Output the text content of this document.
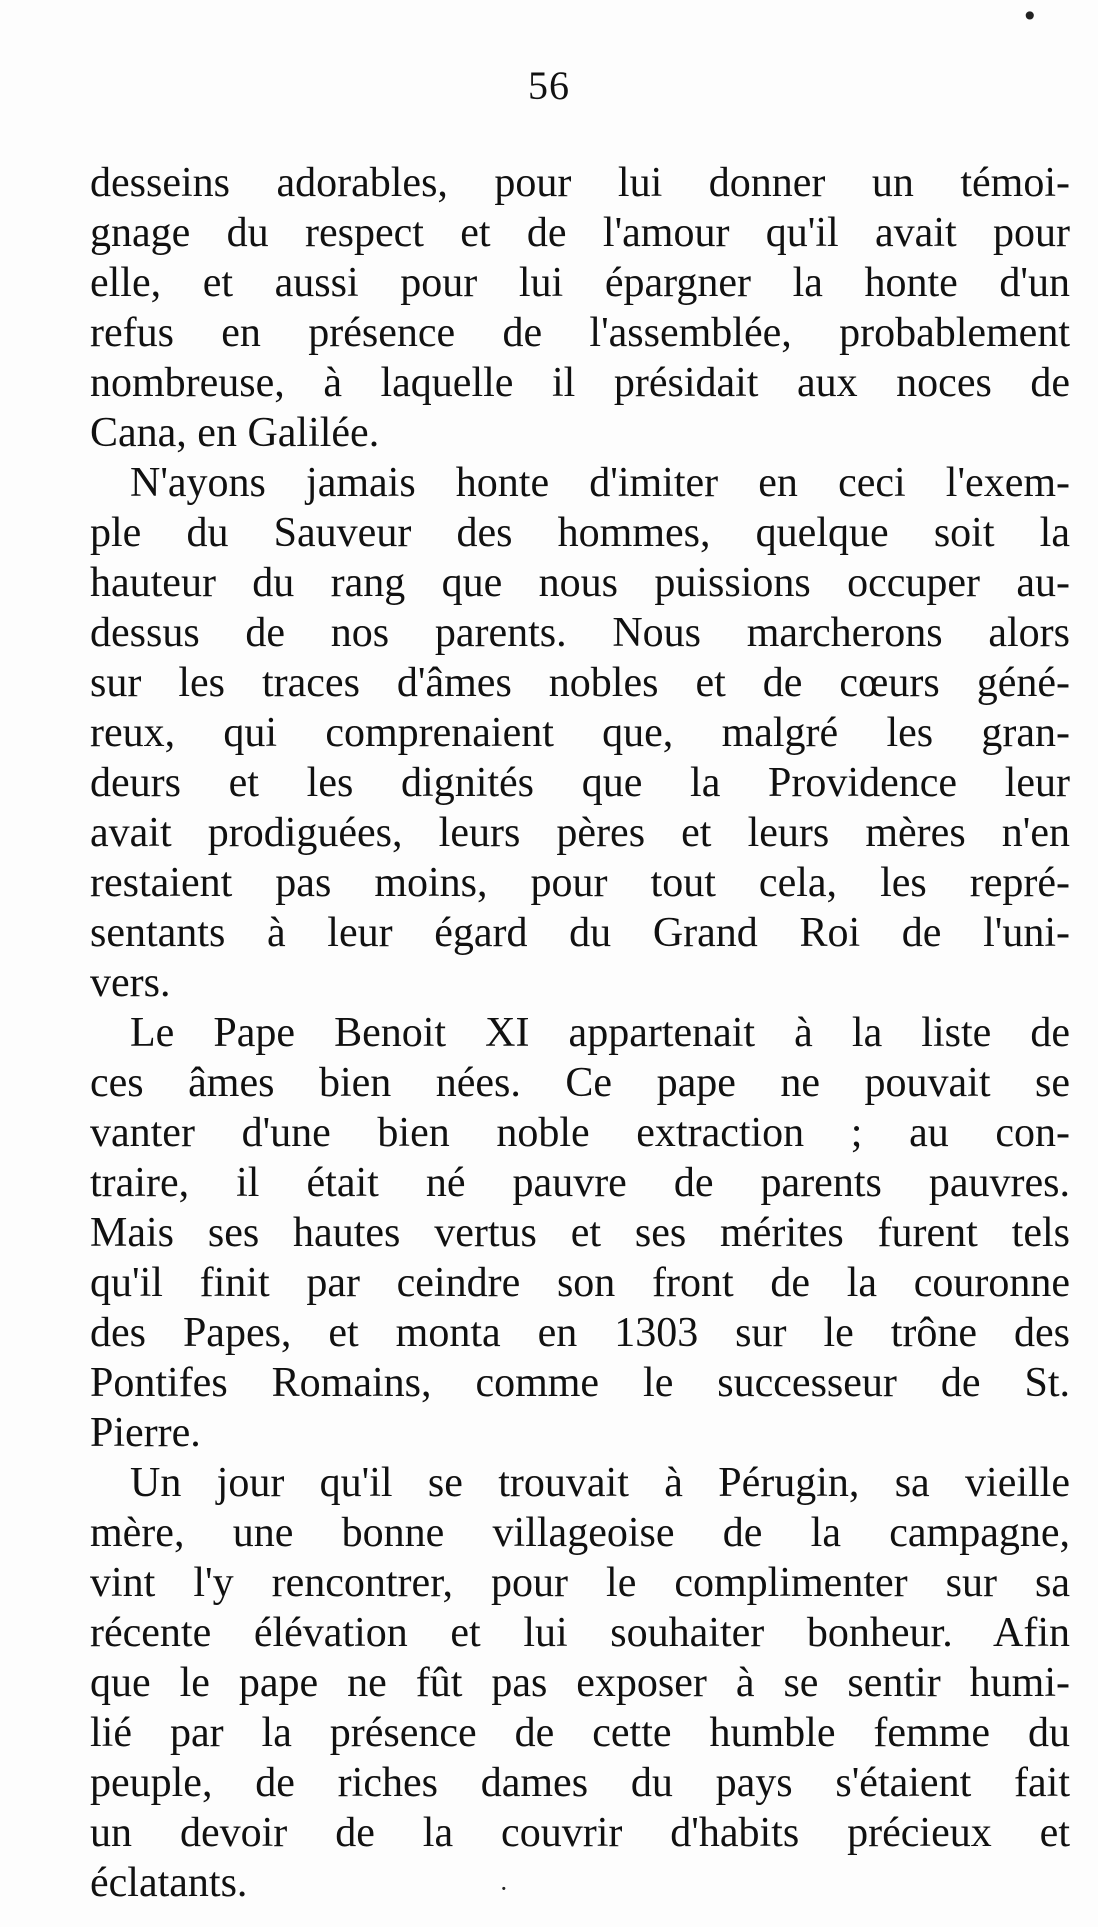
•
56
desseins adorables, pour lui donner un témoi-
gnage du respect et de l'amour qu'il avait pour
elle, et aussi pour lui épargner la honte d'un
refus en présence de l'assemblée, probablement
nombreuse, à laquelle il présidait aux noces de
Cana, en Galilée.
N'ayons jamais honte d'imiter en ceci l'exem-
ple du Sauveur des hommes, quelque soit la
hauteur du rang que nous puissions occuper au-
dessus de nos parents. Nous marcherons alors
sur les traces d'âmes nobles et de cœurs géné-
reux, qui comprenaient que, malgré les gran-
deurs et les dignités que la Providence leur
avait prodiguées, leurs pères et leurs mères n'en
restaient pas moins, pour tout cela, les repré-
sentants à leur égard du Grand Roi de l'uni-
vers.
Le Pape Benoit XI appartenait à la liste de
ces âmes bien nées. Ce pape ne pouvait se
vanter d'une bien noble extraction ; au con-
traire, il était né pauvre de parents pauvres.
Mais ses hautes vertus et ses mérites furent tels
qu'il finit par ceindre son front de la couronne
des Papes, et monta en 1303 sur le trône des
Pontifes Romains, comme le successeur de St.
Pierre.
Un jour qu'il se trouvait à Pérugin, sa vieille
mère, une bonne villageoise de la campagne,
vint l'y rencontrer, pour le complimenter sur sa
récente élévation et lui souhaiter bonheur. Afin
que le pape ne fût pas exposer à se sentir humi-
lié par la présence de cette humble femme du
peuple, de riches dames du pays s'étaient fait
un devoir de la couvrir d'habits précieux et
éclatants.	·
